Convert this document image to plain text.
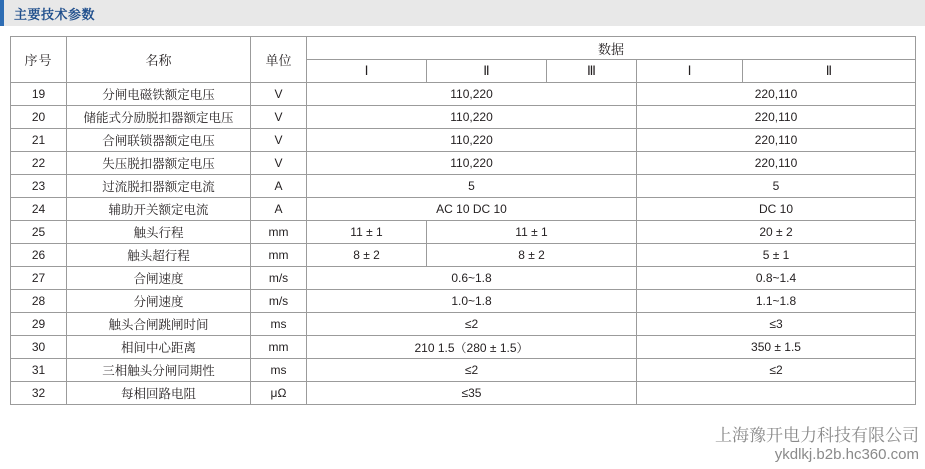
主要技术参数
序号	名称	单位	数据				
			Ⅰ	Ⅱ	Ⅲ	Ⅰ	Ⅱ
19	分闸电磁铁额定电压	V	110,220			220,110	
20	储能式分励脱扣器额定电压	V	110,220			220,110	
21	合闸联锁器额定电压	V	110,220			220,110	
22	失压脱扣器额定电压	V	110,220			220,110	
23	过流脱扣器额定电流	A	5			5	
24	辅助开关额定电流	A	AC 10 DC 10			DC 10	
25	触头行程	mm	11 ± 1	11 ± 1		20 ± 2	
26	触头超行程	mm	8 ± 2	8 ± 2		5 ± 1	
27	合闸速度	m/s	0.6~1.8			0.8~1.4	
28	分闸速度	m/s	1.0~1.8			1.1~1.8	
29	触头合闸跳闸时间	ms	≤2			≤3	
30	相间中心距离	mm	210 1.5（280 ± 1.5）			350 ± 1.5	
31	三相触头分闸同期性	ms	≤2			≤2	
32	每相回路电阻	μΩ	≤35				
上海豫开电力科技有限公司
ykdlkj.b2b.hc360.com
